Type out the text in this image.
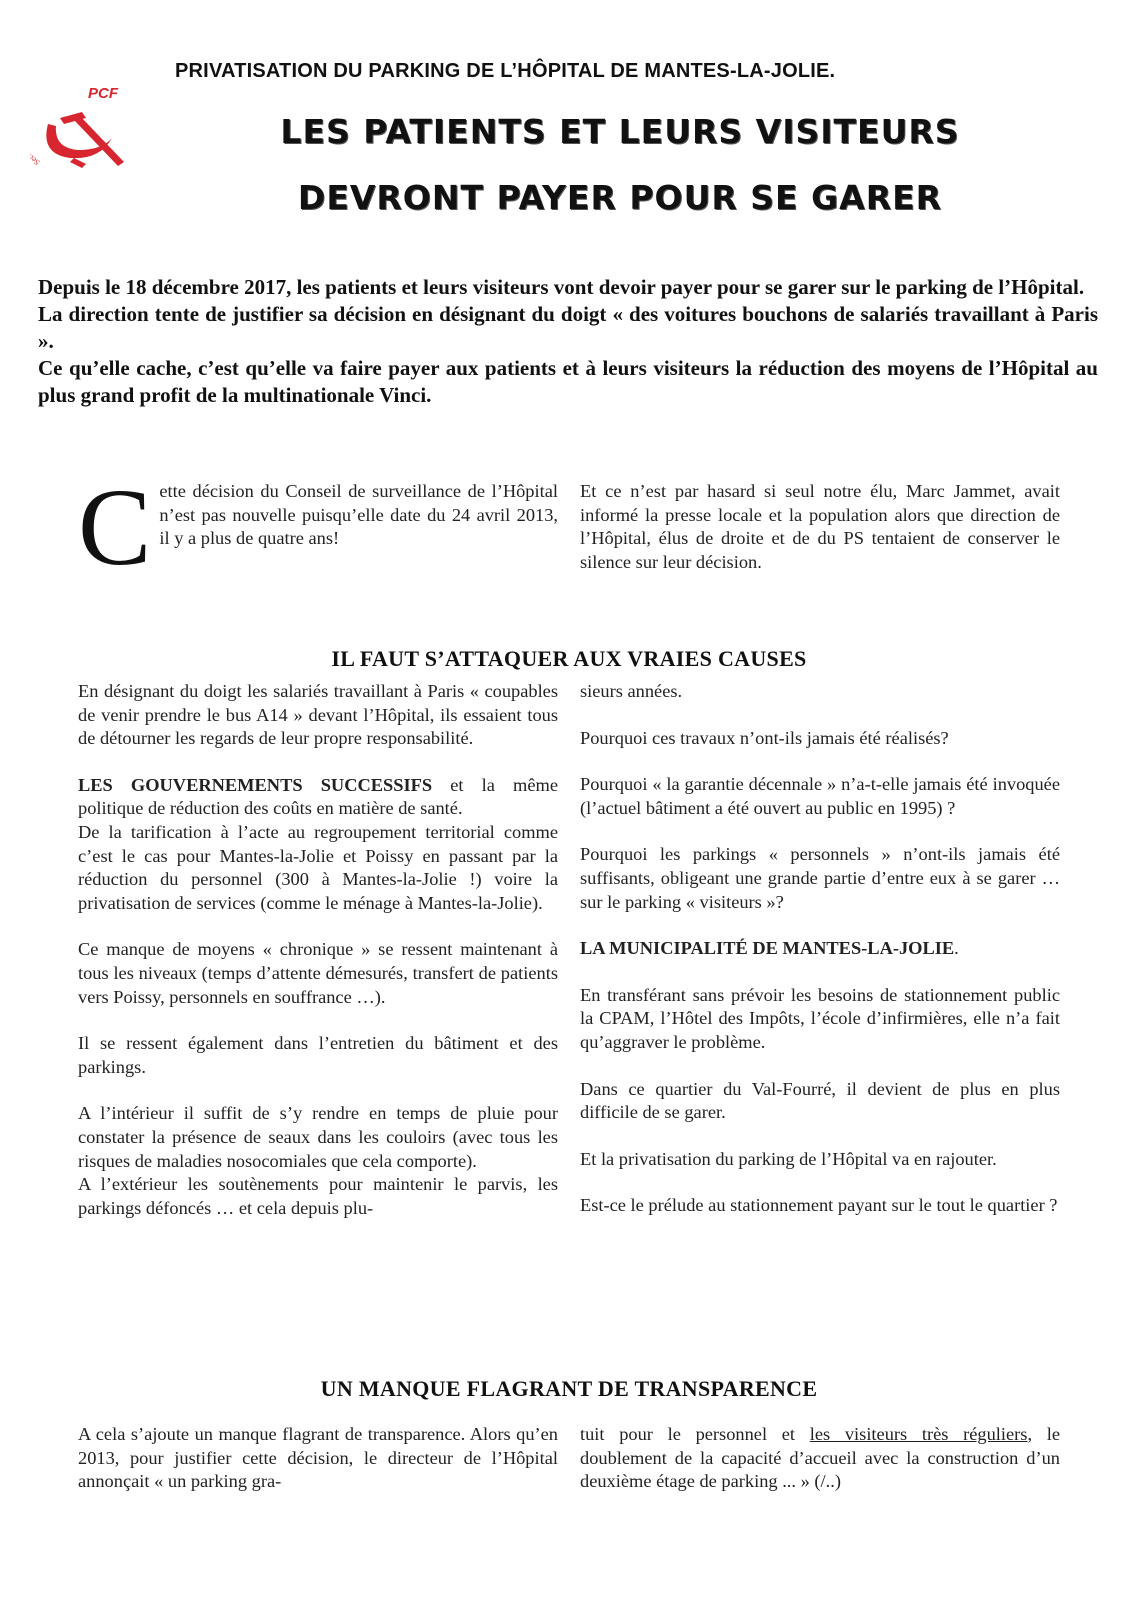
Se
PCF
PRIVATISATION DU PARKING DE L’HÔPITAL DE MANTES-LA-JOLIE.
LES PATIENTS ET LEURS VISITEURS
DEVRONT PAYER POUR SE GARER

Depuis le 18 décembre 2017, les patients et leurs visiteurs vont devoir payer pour se garer sur le parking de l’Hôpital.

La direction tente de justifier sa décision en désignant du doigt « des voitures bouchons de salariés travaillant à Paris ».

Ce qu’elle cache, c’est qu’elle va faire payer aux patients et à leurs visiteurs la réduction des moyens de l’Hôpital au plus grand profit de la multinationale Vinci.

C ette décision du Conseil de surveillance de l’Hôpital n’est pas nouvelle puisqu’elle date du 24 avril 2013, il y a plus de quatre ans!

Et ce n’est par hasard si seul notre élu, Marc Jammet, avait informé la presse locale et la population alors que direction de l’Hôpital, élus de droite et de du PS tentaient de conserver le silence sur leur décision.

IL FAUT S’ATTAQUER AUX VRAIES CAUSES

En désignant du doigt les salariés travaillant à Paris « coupables de venir prendre le bus A14 » devant l’Hôpital, ils essaient tous de détourner les regards de leur propre responsabilité.

LES GOUVERNEMENTS SUCCESSIFS et la même politique de réduction des coûts en matière de santé.

De la tarification à l’acte au regroupement territorial comme c’est le cas pour Mantes-la-Jolie et Poissy en passant par la réduction du personnel (300 à Mantes-la-Jolie !) voire la privatisation de services (comme le ménage à Mantes-la-Jolie).

Ce manque de moyens « chronique » se ressent maintenant à tous les niveaux (temps d’attente démesurés, transfert de patients vers Poissy, personnels en souffrance …).

Il se ressent également dans l’entretien du bâtiment et des parkings.

A l’intérieur il suffit de s’y rendre en temps de pluie pour constater la présence de seaux dans les couloirs (avec tous les risques de maladies nosocomiales que cela comporte).

A l’extérieur les soutènements pour maintenir le parvis, les parkings défoncés … et cela depuis plu-

sieurs années.

Pourquoi ces travaux n’ont-ils jamais été réalisés?

Pourquoi « la garantie décennale » n’a-t-elle jamais été invoquée (l’actuel bâtiment a été ouvert au public en 1995) ?

Pourquoi les parkings « personnels » n’ont-ils jamais été suffisants, obligeant une grande partie d’entre eux à se garer … sur le parking « visiteurs »?

LA MUNICIPALITÉ DE MANTES-LA-JOLIE.

En transférant sans prévoir les besoins de stationnement public la CPAM, l’Hôtel des Impôts, l’école d’infirmières, elle n’a fait qu’aggraver le problème.

Dans ce quartier du Val-Fourré, il devient de plus en plus difficile de se garer.

Et la privatisation du parking de l’Hôpital va en rajouter.

Est-ce le prélude au stationnement payant sur le tout le quartier ?

UN MANQUE FLAGRANT DE TRANSPARENCE

A cela s’ajoute un manque flagrant de transparence. Alors qu’en 2013, pour justifier cette décision, le directeur de l’Hôpital annonçait « un parking gra-

tuit pour le personnel et les visiteurs très réguliers, le doublement de la capacité d’accueil avec la construction d’un deuxième étage de parking ... » (/..)
